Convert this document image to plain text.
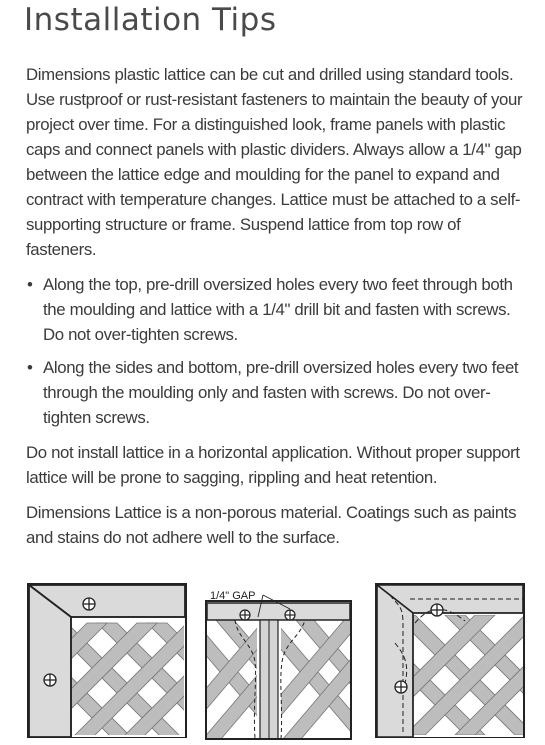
Installation Tips

Dimensions plastic lattice can be cut and drilled using standard tools. Use rustproof or rust-resistant fasteners to maintain the beauty of your project over time. For a distinguished look, frame panels with plastic caps and connect panels with plastic dividers. Always allow a 1/4" gap between the lattice edge and moulding for the panel to expand and contract with temperature changes. Lattice must be attached to a self-supporting structure or frame. Suspend lattice from top row of fasteners.

• Along the top, pre-drill oversized holes every two feet through both the moulding and lattice with a 1/4" drill bit and fasten with screws. Do not over-tighten screws.
• Along the sides and bottom, pre-drill oversized holes every two feet through the moulding only and fasten with screws. Do not over-tighten screws.

Do not install lattice in a horizontal application. Without proper support lattice will be prone to sagging, rippling and heat retention.

Dimensions Lattice is a non-porous material. Coatings such as paints and stains do not adhere well to the surface.

1/4" GAP
